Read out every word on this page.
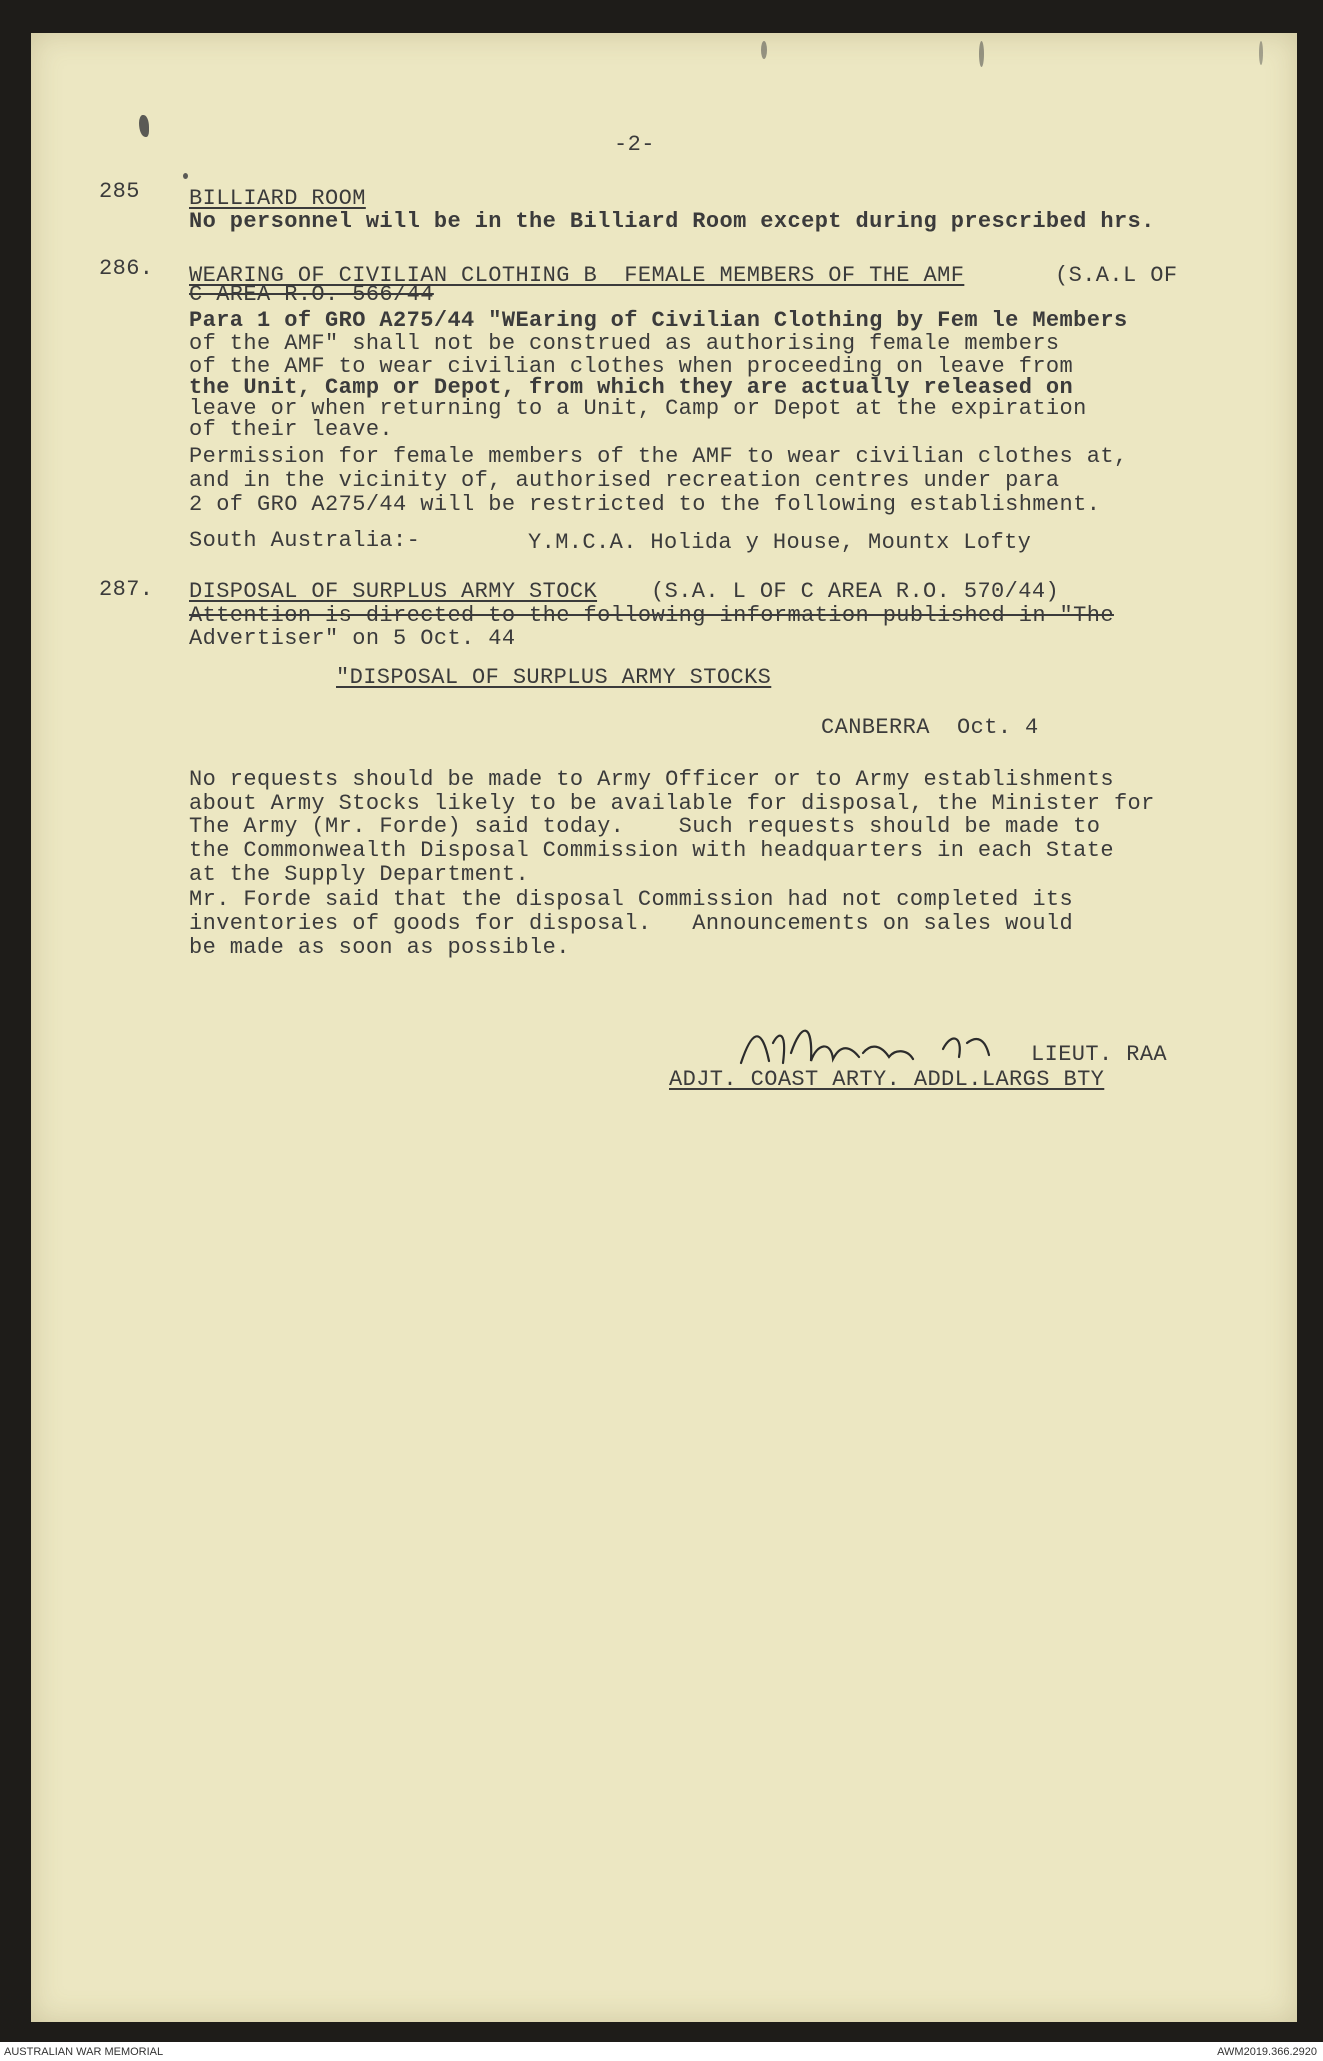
-2-

285 BILLIARD ROOM

No personnel will be in the Billiard Room except during prescribed hrs.

286. WEARING OF CIVILIAN CLOTHING B  FEMALE MEMBERS OF THE AMF	(S.A.L OF

C AREA R.O. 566/44

Para 1 of GRO A275/44 "WEaring of Civilian Clothing by Fem le Members

of the AMF" shall not be construed as authorising female members

of the AMF to wear civilian clothes when proceeding on leave from

the Unit, Camp or Depot, from which they are actually released on

leave or when returning to a Unit, Camp or Depot at the expiration

of their leave.

Permission for female members of the AMF to wear civilian clothes at,

and in the vicinity of, authorised recreation centres under para

2 of GRO A275/44 will be restricted to the following establishment.

South Australia:-	Y.M.C.A. Holida y House, Mountx Lofty

287. DISPOSAL OF SURPLUS ARMY STOCK (S.A. L OF C AREA R.O. 570/44)

Attention is directed to the following information published in "The

Advertiser" on 5 Oct. 44

"DISPOSAL OF SURPLUS ARMY STOCKS

CANBERRA  Oct. 4

No requests should be made to Army Officer or to Army establishments

about Army Stocks likely to be available for disposal, the Minister for

The Army (Mr. Forde) said today.    Such requests should be made to

the Commonwealth Disposal Commission with headquarters in each State

at the Supply Department.

Mr. Forde said that the disposal Commission had not completed its

inventories of goods for disposal.   Announcements on sales would

be made as soon as possible.

LIEUT. RAA

ADJT. COAST ARTY. ADDL.LARGS BTY

AUSTRALIAN WAR MEMORIAL	AWM2019.366.2920
